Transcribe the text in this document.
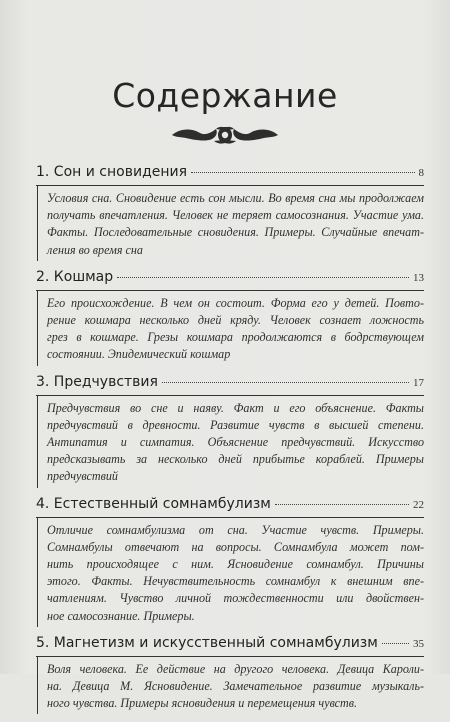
Содержание
1. Сон и сновидения	8
Условия сна. Сновидение есть сон мысли. Во время сна мы продолжаем
получать впечатления. Человек не теряет самосознания. Участие ума.
Факты. Последовательные сновидения. Примеры. Случайные впечат-
ления во время сна
2. Кошмар	13
Его происхождение. В чем он состоит. Форма его у детей. Повто-
рение кошмара несколько дней кряду. Человек сознает ложность
грез в кошмаре. Грезы кошмара продолжаются в бодрствующем
состоянии. Эпидемический кошмар
3. Предчувствия	17
Предчувствия во сне и наяву. Факт и его объяснение. Факты
предчувствий в древности. Развитие чувств в высшей степени.
Антипатия и симпатия. Объяснение предчувствий. Искусство
предсказывать за несколько дней прибытье кораблей. Примеры
предчувствий
4. Естественный сомнамбулизм	22
Отличие сомнамбулизма от сна. Участие чувств. Примеры.
Сомнамбулы отвечают на вопросы. Сомнамбула может пом-
нить происходящее с ним. Ясновидение сомнамбул. Причины
этого. Факты. Нечувствительность сомнамбул к внешним впе-
чатлениям. Чувство личной тождественности или двойствен-
ное самосознание. Примеры.
5. Магнетизм и искусственный сомнамбулизм	35
Воля человека. Ее действие на другого человека. Девица Кароли-
на. Девица М. Ясновидение. Замечательное развитие музыкаль-
ного чувства. Примеры ясновидения и перемещения чувств.
